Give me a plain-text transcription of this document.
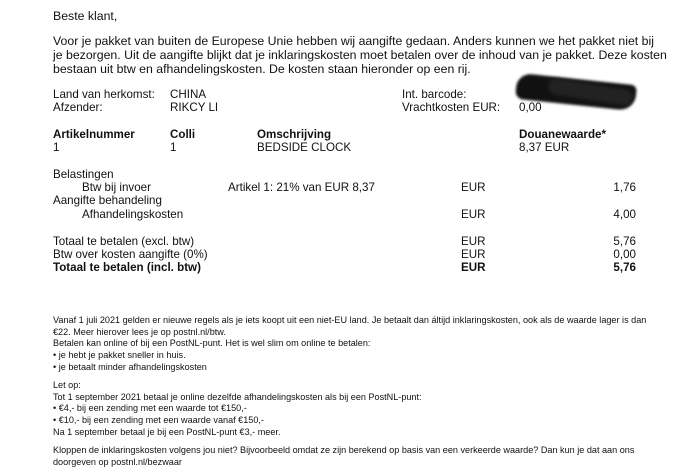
Beste klant,
Voor je pakket van buiten de Europese Unie hebben wij aangifte gedaan. Anders kunnen we het pakket niet bij
je bezorgen. Uit de aangifte blijkt dat je inklaringskosten moet betalen over de inhoud van je pakket. Deze kosten
bestaan uit btw en afhandelingskosten. De kosten staan hieronder op een rij.
Land van herkomst: CHINA
Afzender:	RIKCY LI
Int. barcode:
Vrachtkosten EUR: 0,00
Artikelnummer	Colli	Omschrijving	Douanewaarde*
1	1	BEDSIDE CLOCK	8,37 EUR
Belastingen
Btw bij invoer	Artikel 1: 21% van EUR 8,37	EUR	1,76
Aangifte behandeling
Afhandelingskosten	EUR	4,00
Totaal te betalen (excl. btw)	EUR	5,76
Btw over kosten aangifte (0%)	EUR	0,00
Totaal te betalen (incl. btw)	EUR	5,76
Vanaf 1 juli 2021 gelden er nieuwe regels als je iets koopt uit een niet-EU land. Je betaalt dan áltijd inklaringskosten, ook als de waarde lager is dan
€22. Meer hierover lees je op postnl.nl/btw.
Betalen kan online of bij een PostNL-punt. Het is wel slim om online te betalen:
• je hebt je pakket sneller in huis.
• je betaalt minder afhandelingskosten
Let op:
Tot 1 september 2021 betaal je online dezelfde afhandelingskosten als bij een PostNL-punt:
• €4,- bij een zending met een waarde tot €150,-
• €10,- bij een zending met een waarde vanaf €150,-
Na 1 september betaal je bij een PostNL-punt €3,- meer.
Kloppen de inklaringskosten volgens jou niet? Bijvoorbeeld omdat ze zijn berekend op basis van een verkeerde waarde? Dan kun je dat aan ons
doorgeven op postnl.nl/bezwaar
